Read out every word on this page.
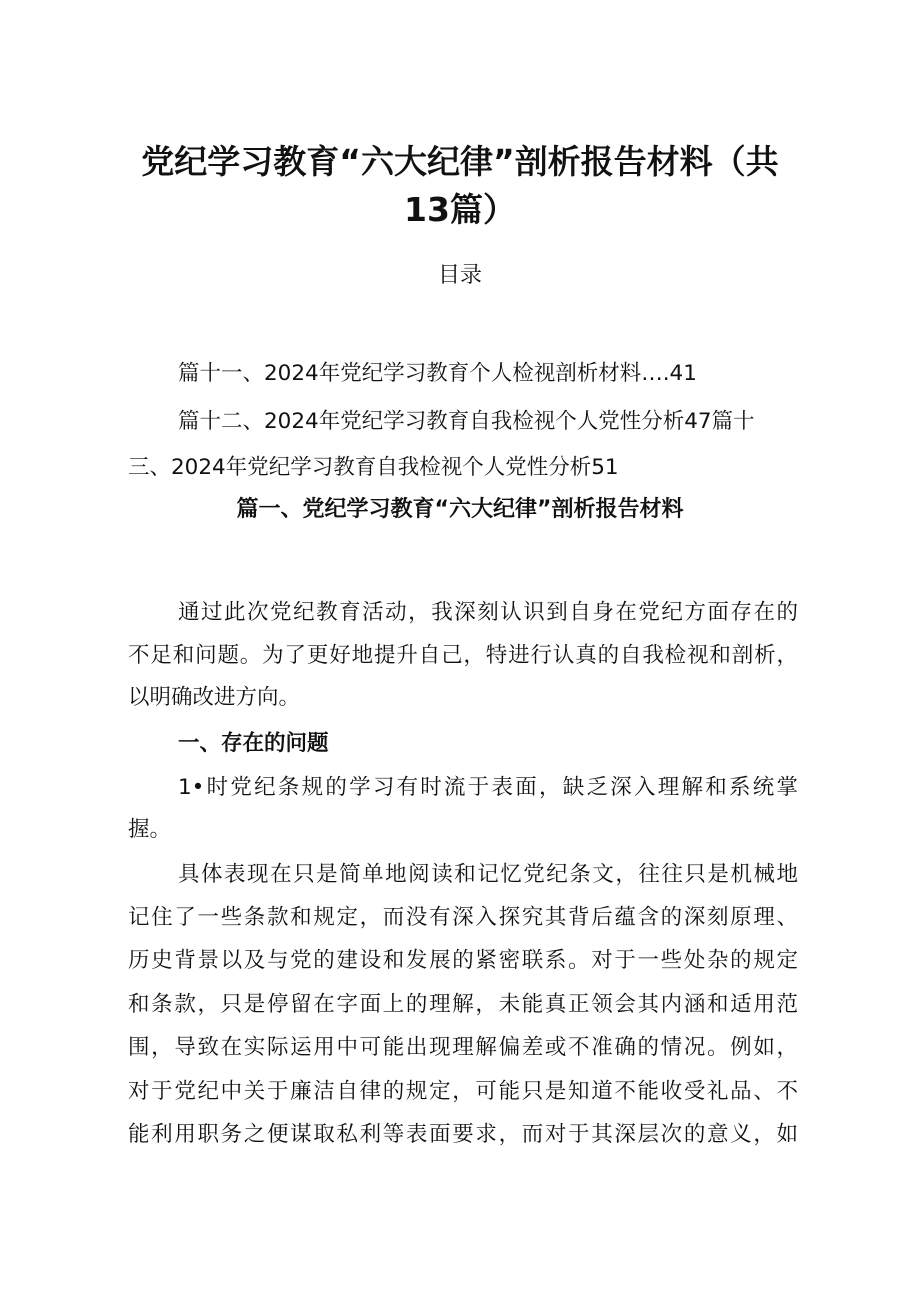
党纪学习教育“六大纪律”剖析报告材料（共
13篇）
目录
篇十一、2024年党纪学习教育个人检视剖析材料….41
篇十二、2024年党纪学习教育自我检视个人党性分析47篇十
三、2024年党纪学习教育自我检视个人党性分析51
篇一、党纪学习教育“六大纪律”剖析报告材料
通过此次党纪教育活动，我深刻认识到自身在党纪方面存在的
不足和问题。为了更好地提升自己，特进行认真的自我检视和剖析，
以明确改进方向。
一、存在的问题
1•时党纪条规的学习有时流于表面，缺乏深入理解和系统掌
握。
具体表现在只是简单地阅读和记忆党纪条文，往往只是机械地
记住了一些条款和规定，而没有深入探究其背后蕴含的深刻原理、
历史背景以及与党的建设和发展的紧密联系。对于一些处杂的规定
和条款，只是停留在字面上的理解，未能真正领会其内涵和适用范
围，导致在实际运用中可能出现理解偏差或不准确的情况。例如，
对于党纪中关于廉洁自律的规定，可能只是知道不能收受礼品、不
能利用职务之便谋取私利等表面要求，而对于其深层次的意义，如
